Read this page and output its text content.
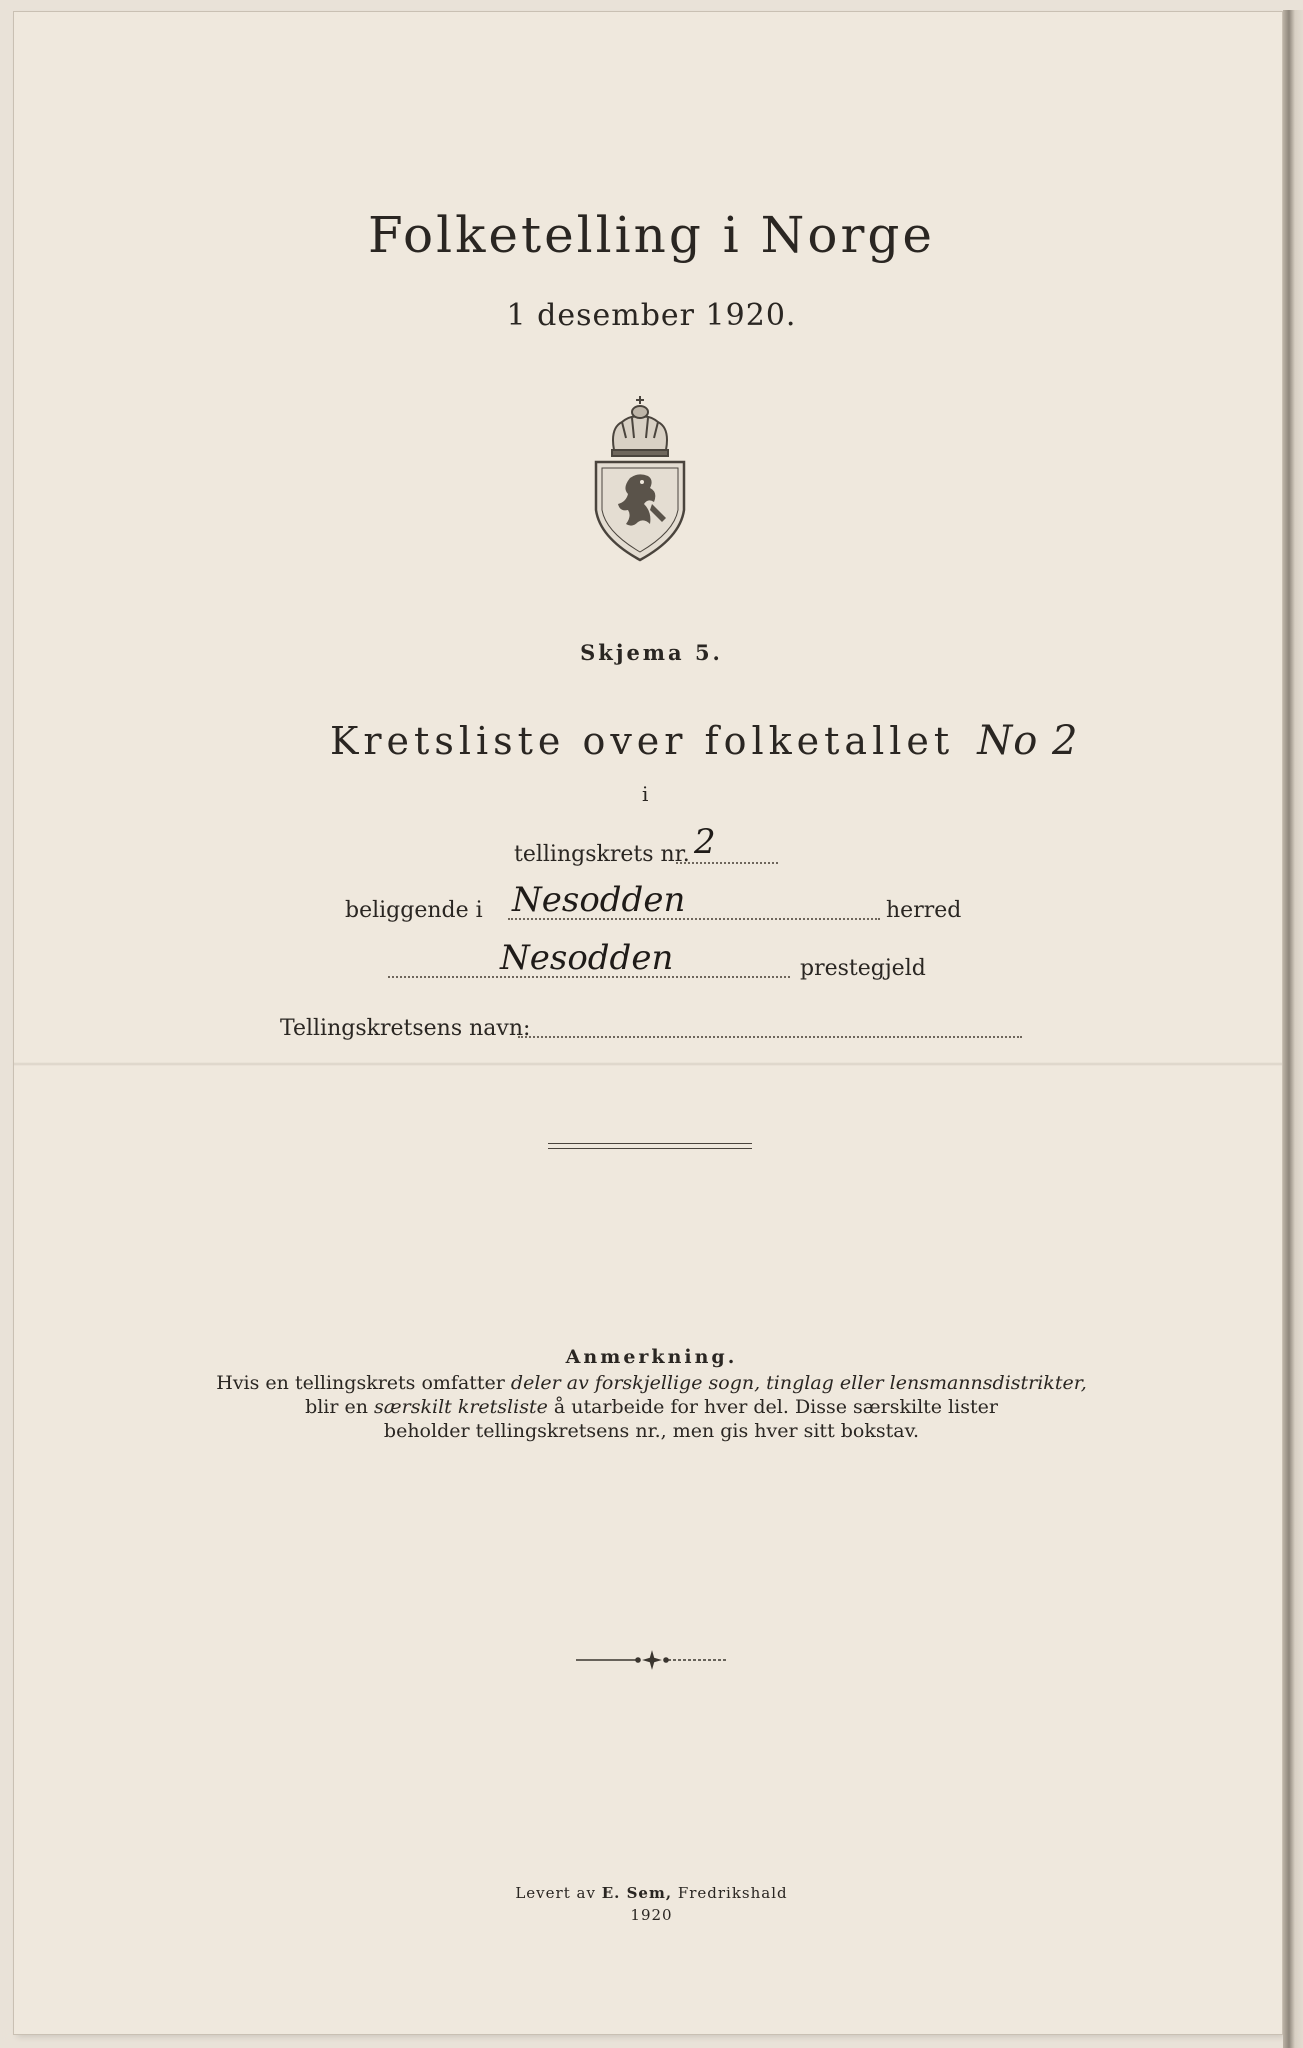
Folketelling i Norge
1 desember 1920.
Skjema 5.
Kretsliste over folketallet No 2
i
tellingskrets nr. 2
beliggende i Nesodden	herred
Nesodden	prestegjeld
Tellingskretsens navn:
Anmerkning.
Hvis en tellingskrets omfatter deler av forskjellige sogn, tinglag eller lensmannsdistrikter,
blir en særskilt kretsliste å utarbeide for hver del. Disse særskilte lister
beholder tellingskretsens nr., men gis hver sitt bokstav.
Levert av E. Sem, Fredrikshald
1920
